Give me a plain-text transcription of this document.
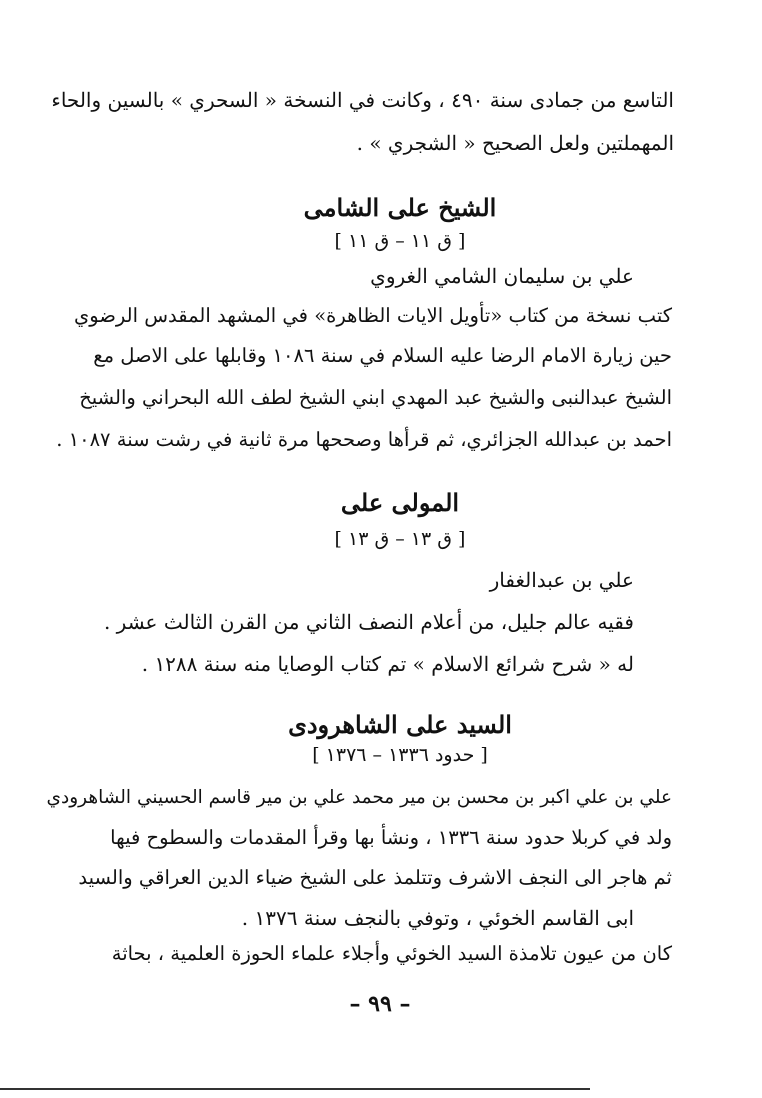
التاسع من جمادى سنة ٤٩٠ ، وكانت في النسخة « السحري » بالسين والحاء
المهملتين ولعل الصحيح « الشجري » .
الشيخ على الشامى
[ ق ١١ – ق ١١ ]
علي بن سليمان الشامي الغروي
كتب نسخة من كتاب «تأويل الايات الظاهرة» في المشهد المقدس الرضوي
حين زيارة الامام الرضا عليه السلام في سنة ١٠٨٦ وقابلها على الاصل مع
الشيخ عبدالنبى والشيخ عبد المهدي ابني الشيخ لطف الله البحراني والشيخ
احمد بن عبدالله الجزائري، ثم قرأها وصححها مرة ثانية في رشت سنة ١٠٨٧ .
المولى على
[ ق ١٣ – ق ١٣ ]
علي بن عبدالغفار
فقيه عالم جليل، من أعلام النصف الثاني من القرن الثالث عشر .
له « شرح شرائع الاسلام » تم كتاب الوصايا منه سنة ١٢٨٨ .
السيد على الشاهرودى
[ حدود ١٣٣٦ – ١٣٧٦ ]
علي بن علي اكبر بن محسن بن مير محمد علي بن مير قاسم الحسيني الشاهرودي
ولد في كربلا حدود سنة ١٣٣٦ ، ونشأ بها وقرأ المقدمات والسطوح فيها
ثم هاجر الى النجف الاشرف وتتلمذ على الشيخ ضياء الدين العراقي والسيد
ابى القاسم الخوئي ، وتوفي بالنجف سنة ١٣٧٦ .
كان من عيون تلامذة السيد الخوئي وأجلاء علماء الحوزة العلمية ، بحاثة
– ٩٩ –
